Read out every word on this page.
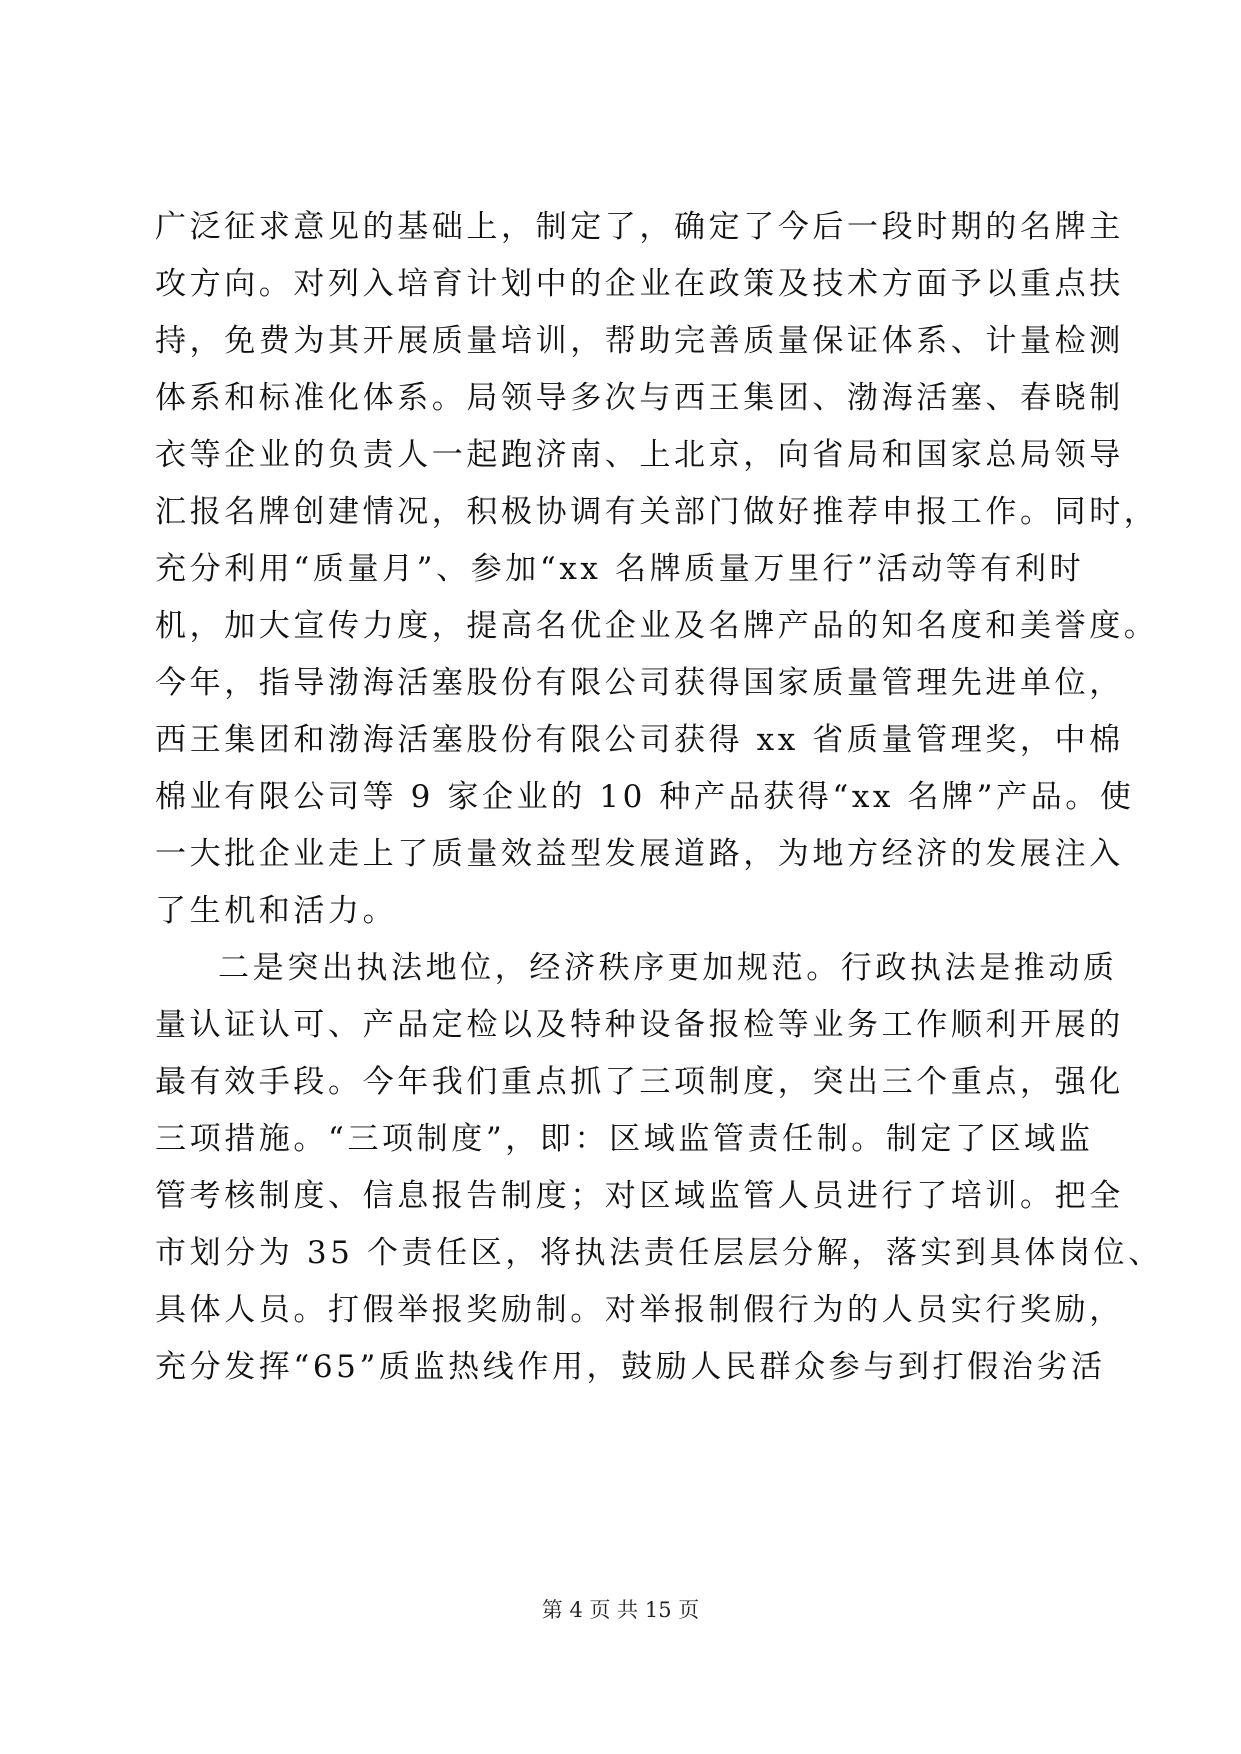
广泛征求意见的基础上，制定了，确定了今后一段时期的名牌主
攻方向。对列入培育计划中的企业在政策及技术方面予以重点扶
持，免费为其开展质量培训，帮助完善质量保证体系、计量检测
体系和标准化体系。局领导多次与西王集团、渤海活塞、春晓制
衣等企业的负责人一起跑济南、上北京，向省局和国家总局领导
汇报名牌创建情况，积极协调有关部门做好推荐申报工作。同时，
充分利用“质量月”、参加“xx 名牌质量万里行”活动等有利时
机，加大宣传力度，提高名优企业及名牌产品的知名度和美誉度。
今年，指导渤海活塞股份有限公司获得国家质量管理先进单位，
西王集团和渤海活塞股份有限公司获得 xx 省质量管理奖，中棉
棉业有限公司等 9 家企业的 10 种产品获得“xx 名牌”产品。使
一大批企业走上了质量效益型发展道路，为地方经济的发展注入
了生机和活力。
二是突出执法地位，经济秩序更加规范。行政执法是推动质
量认证认可、产品定检以及特种设备报检等业务工作顺利开展的
最有效手段。今年我们重点抓了三项制度，突出三个重点，强化
三项措施。“三项制度”，即：区域监管责任制。制定了区域监
管考核制度、信息报告制度；对区域监管人员进行了培训。把全
市划分为 35 个责任区，将执法责任层层分解，落实到具体岗位、
具体人员。打假举报奖励制。对举报制假行为的人员实行奖励，
充分发挥“65”质监热线作用，鼓励人民群众参与到打假治劣活
第 4 页 共 15 页
